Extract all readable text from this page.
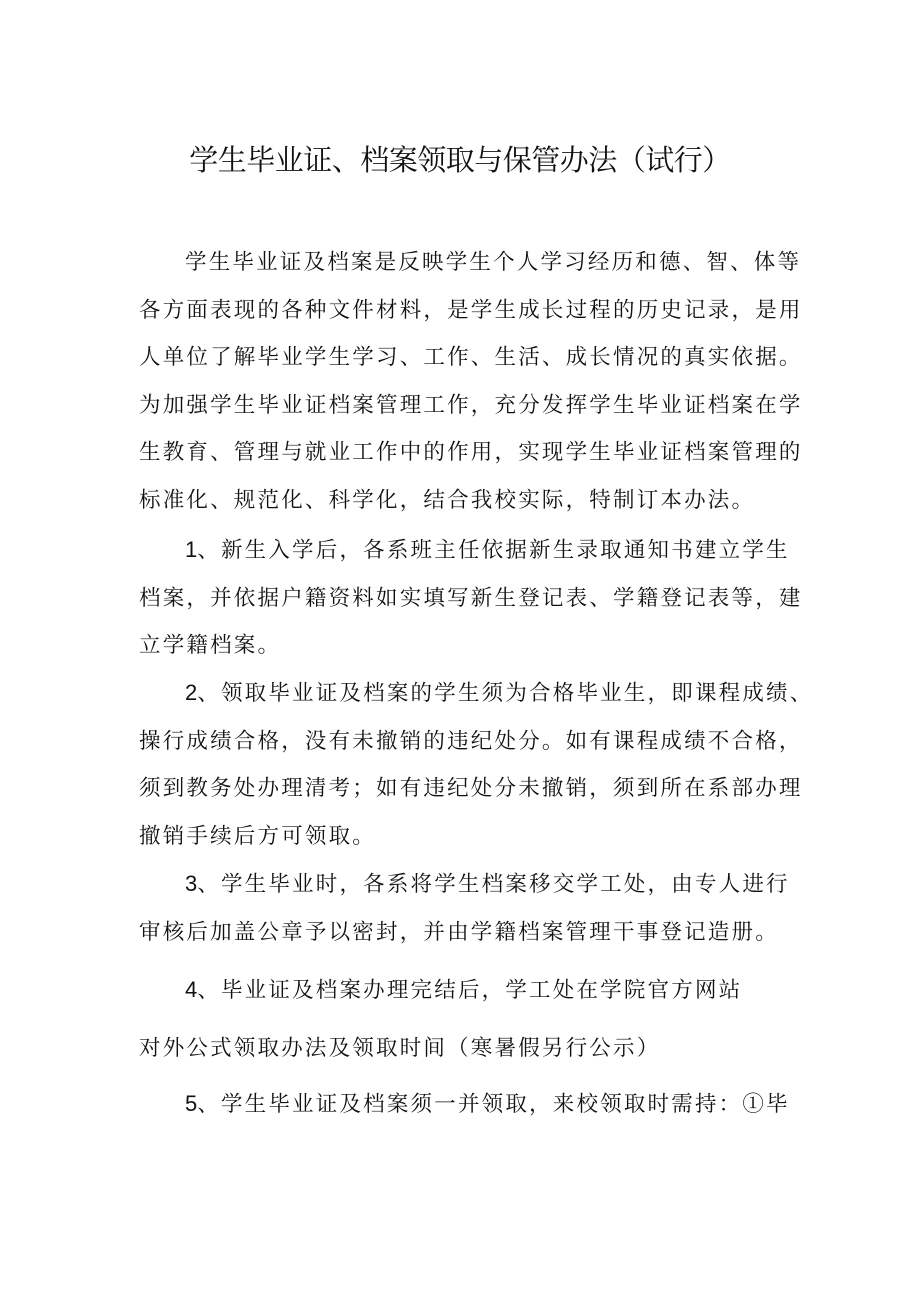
学生毕业证、档案领取与保管办法（试行）
学生毕业证及档案是反映学生个人学习经历和德、智、体等
各方面表现的各种文件材料，是学生成长过程的历史记录，是用
人单位了解毕业学生学习、工作、生活、成长情况的真实依据。
为加强学生毕业证档案管理工作，充分发挥学生毕业证档案在学
生教育、管理与就业工作中的作用，实现学生毕业证档案管理的
标准化、规范化、科学化，结合我校实际，特制订本办法。
1、新生入学后，各系班主任依据新生录取通知书建立学生
档案，并依据户籍资料如实填写新生登记表、学籍登记表等，建
立学籍档案。
2、领取毕业证及档案的学生须为合格毕业生，即课程成绩、
操行成绩合格，没有未撤销的违纪处分。如有课程成绩不合格，
须到教务处办理清考；如有违纪处分未撤销，须到所在系部办理
撤销手续后方可领取。
3、学生毕业时，各系将学生档案移交学工处，由专人进行
审核后加盖公章予以密封，并由学籍档案管理干事登记造册。
4、毕业证及档案办理完结后，学工处在学院官方网站
对外公式领取办法及领取时间（寒暑假另行公示）
5、学生毕业证及档案须一并领取，来校领取时需持：①毕
